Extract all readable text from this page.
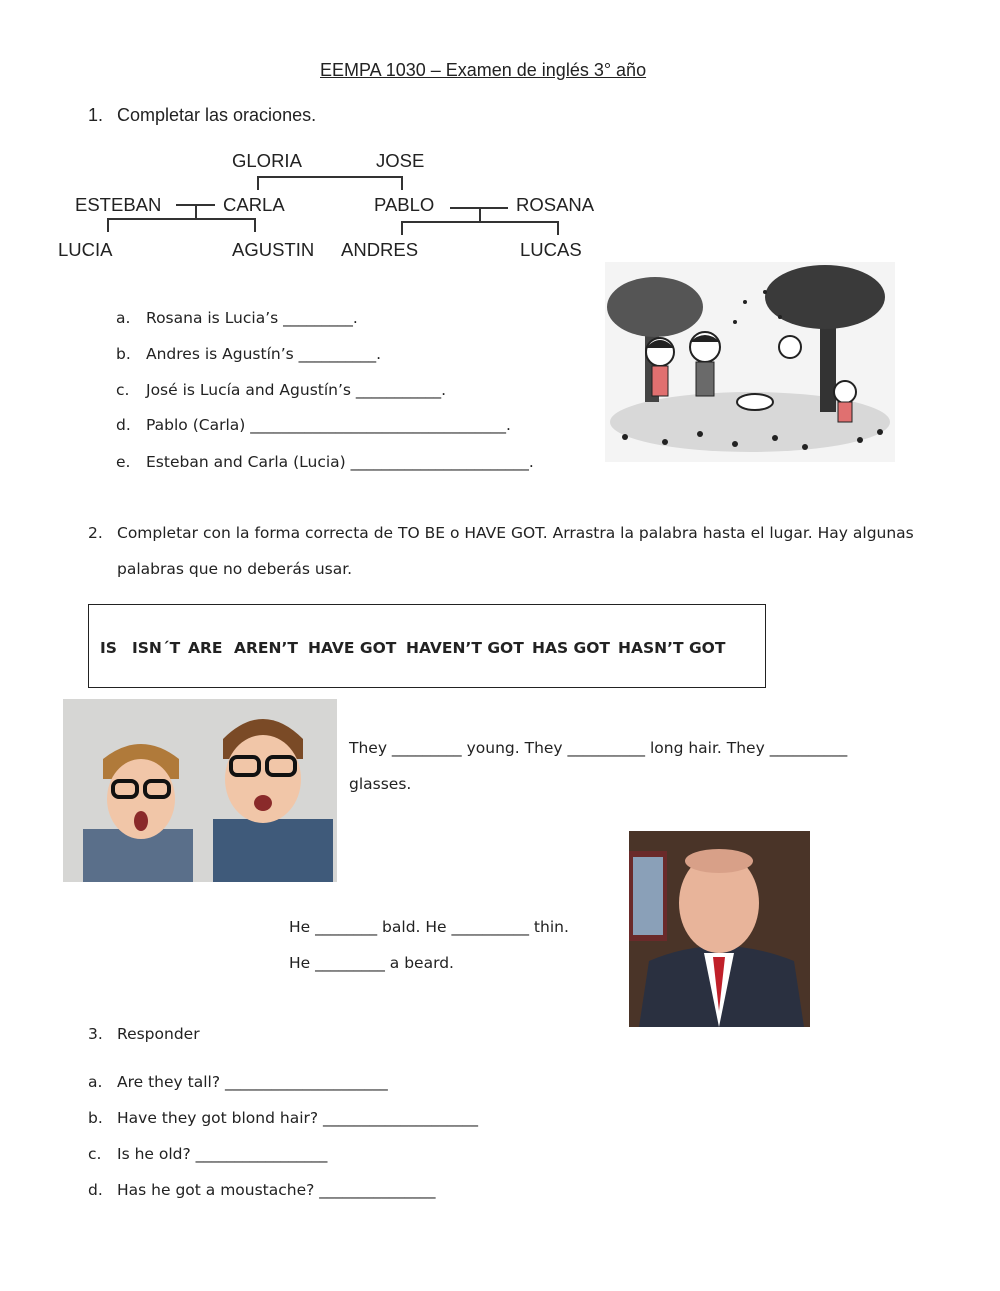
EEMPA 1030 – Examen de inglés 3° año
1. Completar las oraciones.
GLORIA	JOSE
ESTEBAN	CARLA	PABLO	ROSANA
LUCIA	AGUSTIN ANDRES	LUCAS
a. Rosana is Lucia’s _________.
b. Andres is Agustín’s __________.
c. José is Lucía and Agustín’s ___________.
d. Pablo (Carla) _________________________________.
e. Esteban and Carla (Lucia) _______________________.
2. Completar con la forma correcta de TO BE o HAVE GOT. Arrastra la palabra hasta el lugar. Hay algunas
palabras que no deberás usar.
IS ISN´T ARE AREN’T HAVE GOT HAVEN’T GOT HAS GOT HASN’T GOT
They _________ young. They __________ long hair. They __________
glasses.
He ________ bald. He __________ thin.
He _________ a beard.
3. Responder
a. Are they tall? _____________________
b. Have they got blond hair? ____________________
c. Is he old? _________________
d. Has he got a moustache? _______________
